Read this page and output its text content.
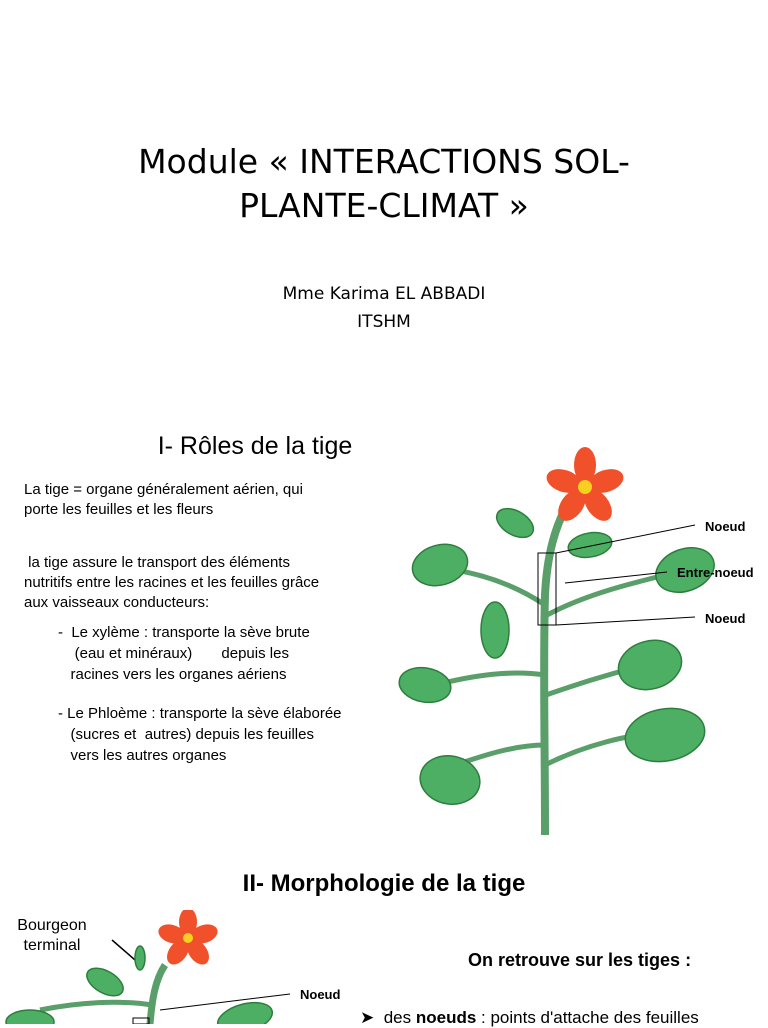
Module « INTERACTIONS SOL-
PLANTE-CLIMAT »
Mme Karima EL ABBADI
ITSHM
I- Rôles de la tige
La tige = organe généralement aérien, qui
porte les feuilles et les fleurs
la tige assure le transport des éléments
nutritifs entre les racines et les feuilles grâce
aux vaisseaux conducteurs:
-  Le xylème : transporte la sève brute
(eau et minéraux)       depuis les
racines vers les organes aériens
- Le Phloème : transporte la sève élaborée
(sucres et  autres) depuis les feuilles
vers les autres organes
Noeud
Entre-noeud
Noeud
II- Morphologie de la tige
Bourgeon
terminal
Noeud
On retrouve sur les tiges :
➤  des noeuds : points d'attache des feuilles
